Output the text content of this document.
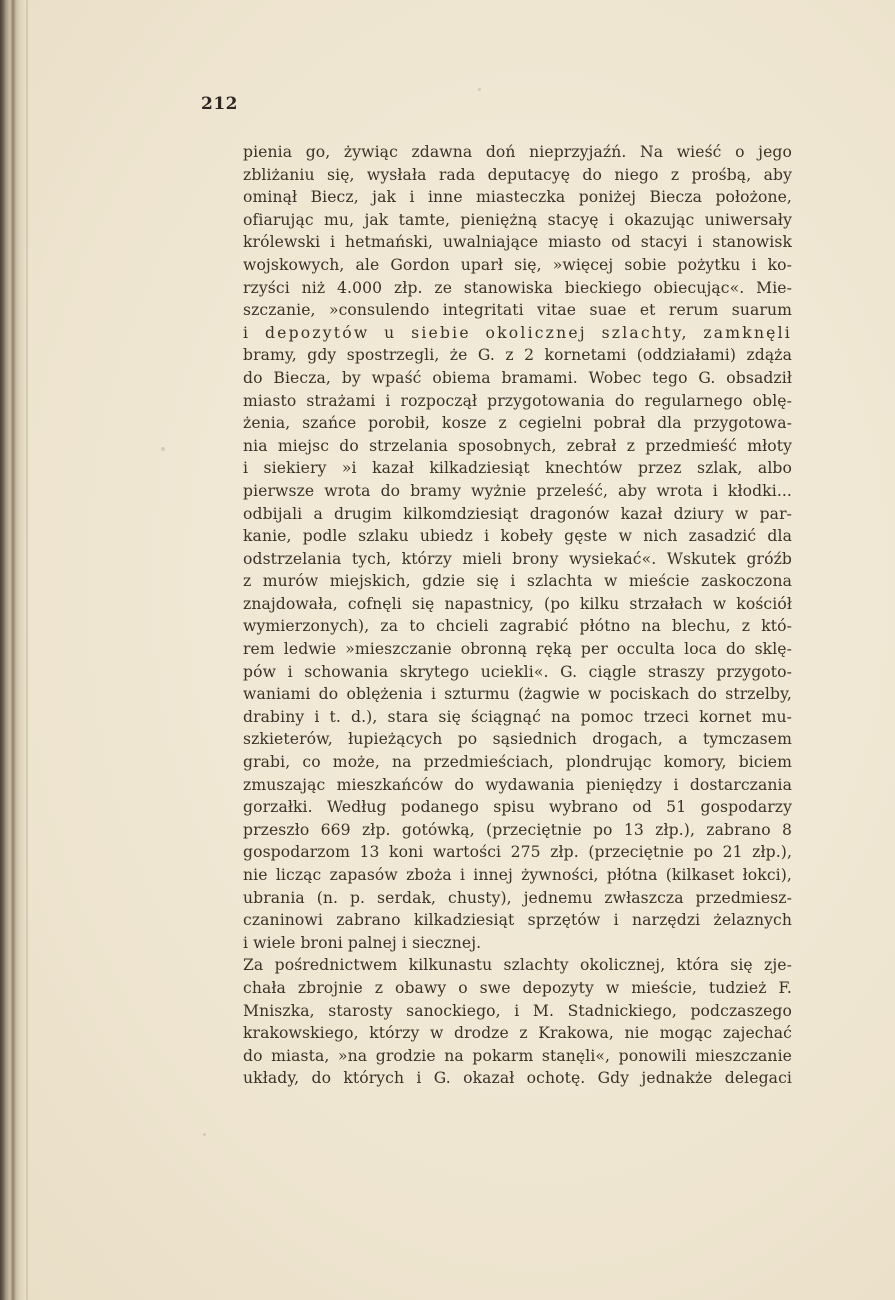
212
pienia go, żywiąc zdawna doń nieprzyjaźń. Na wieść o jego
zbliżaniu się, wysłała rada deputacyę do niego z prośbą, aby
ominął Biecz, jak i inne miasteczka poniżej Biecza położone,
ofiarując mu, jak tamte, pieniężną stacyę i okazując uniwersały
królewski i hetmański, uwalniające miasto od stacyi i stanowisk
wojskowych, ale Gordon uparł się, »więcej sobie pożytku i ko-
rzyści niż 4.000 złp. ze stanowiska bieckiego obiecując«. Mie-
szczanie, »consulendo integritati vitae suae et rerum suarum
i depozytów u siebie okolicznej szlachty, zamknęli
bramy, gdy spostrzegli, że G. z 2 kornetami (oddziałami) zdąża
do Biecza, by wpaść obiema bramami. Wobec tego G. obsadził
miasto strażami i rozpoczął przygotowania do regularnego oblę-
żenia, szańce porobił, kosze z cegielni pobrał dla przygotowa-
nia miejsc do strzelania sposobnych, zebrał z przedmieść młoty
i siekiery »i kazał kilkadziesiąt knechtów przez szlak, albo
pierwsze wrota do bramy wyżnie przeleść, aby wrota i kłodki...
odbijali a drugim kilkomdziesiąt dragonów kazał dziury w par-
kanie, podle szlaku ubiedz i kobeły gęste w nich zasadzić dla
odstrzelania tych, którzy mieli brony wysiekać«. Wskutek gróźb
z murów miejskich, gdzie się i szlachta w mieście zaskoczona
znajdowała, cofnęli się napastnicy, (po kilku strzałach w kościół
wymierzonych), za to chcieli zagrabić płótno na blechu, z któ-
rem ledwie »mieszczanie obronną ręką per occulta loca do sklę-
pów i schowania skrytego uciekli«. G. ciągle straszy przygoto-
waniami do oblężenia i szturmu (żagwie w pociskach do strzelby,
drabiny i t. d.), stara się ściągnąć na pomoc trzeci kornet mu-
szkieterów, łupieżących po sąsiednich drogach, a tymczasem
grabi, co może, na przedmieściach, plondrując komory, biciem
zmuszając mieszkańców do wydawania pieniędzy i dostarczania
gorzałki. Według podanego spisu wybrano od 51 gospodarzy
przeszło 669 złp. gotówką, (przeciętnie po 13 złp.), zabrano 8
gospodarzom 13 koni wartości 275 złp. (przeciętnie po 21 złp.),
nie licząc zapasów zboża i innej żywności, płótna (kilkaset łokci),
ubrania (n. p. serdak, chusty), jednemu zwłaszcza przedmiesz-
czaninowi zabrano kilkadziesiąt sprzętów i narzędzi żelaznych
i wiele broni palnej i siecznej.
Za pośrednictwem kilkunastu szlachty okolicznej, która się zje-
chała zbrojnie z obawy o swe depozyty w mieście, tudzież F.
Mniszka, starosty sanockiego, i M. Stadnickiego, podczaszego
krakowskiego, którzy w drodze z Krakowa, nie mogąc zajechać
do miasta, »na grodzie na pokarm stanęli«, ponowili mieszczanie
układy, do których i G. okazał ochotę. Gdy jednakże delegaci
